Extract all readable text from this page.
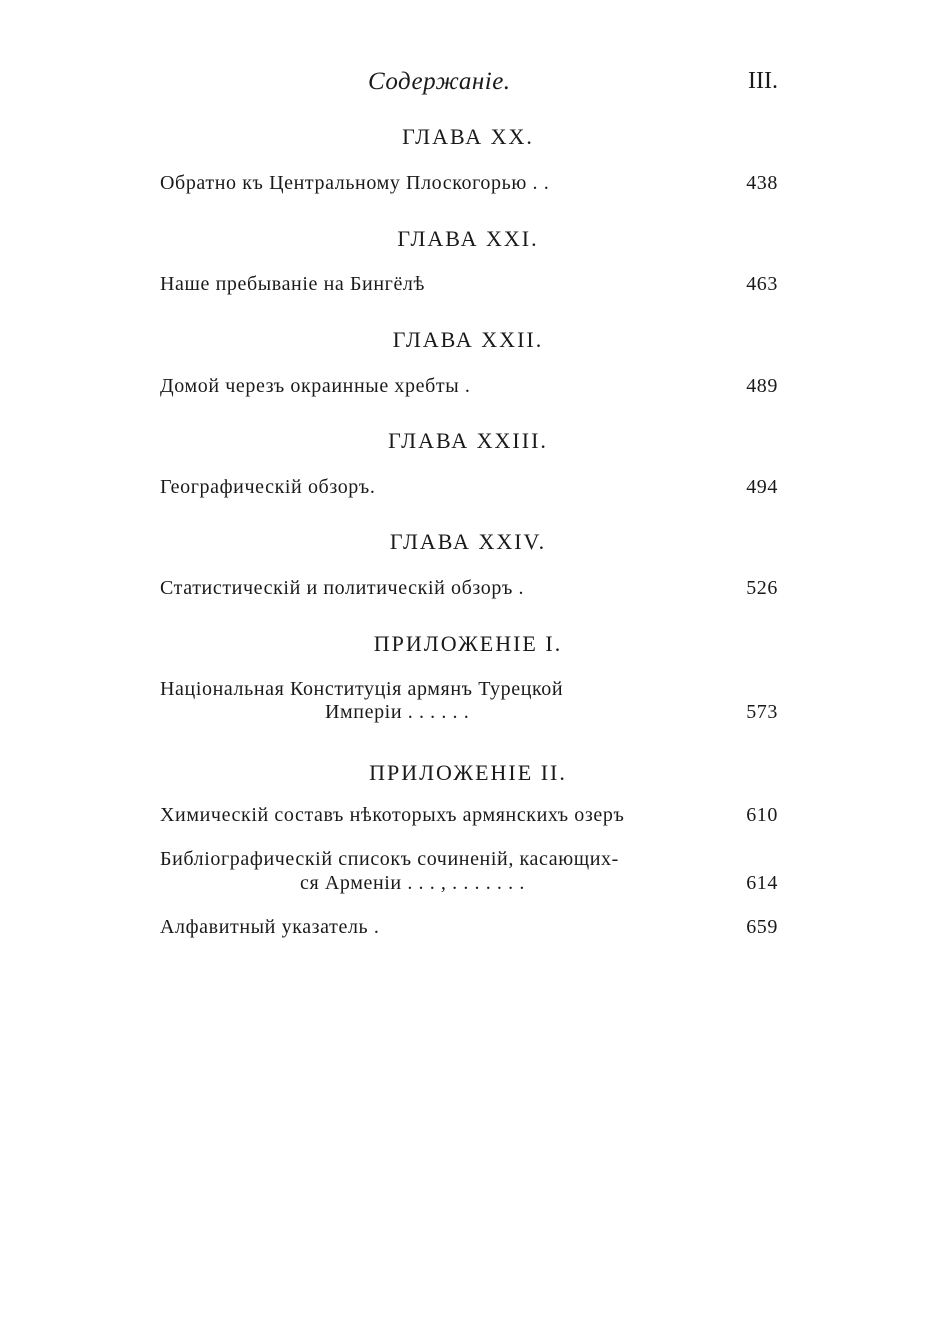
Содержаніе.	III.
ГЛАВА XX.
Обратно къ Центральному Плоскогорью . .	438
ГЛАВА XXI.
Наше пребываніе на Бингёлѣ	463
ГЛАВА XXII.
Домой черезъ окраинные хребты .	489
ГЛАВА XXIII.
Географическій обзоръ.	494
ГЛАВА XXIV.
Статистическій и политическій обзоръ .	526
ПРИЛОЖЕНІЕ I.
Національная Конституція армянъ Турецкой
Имперіи . . . . . .	573
ПРИЛОЖЕНІЕ II.
Химическій составъ нѣкоторыхъ армянскихъ озеръ	610
Библіографическій списокъ сочиненій, касающих-
ся Арменіи . . . , . . . . . . .	614
Алфавитный указатель .	659
